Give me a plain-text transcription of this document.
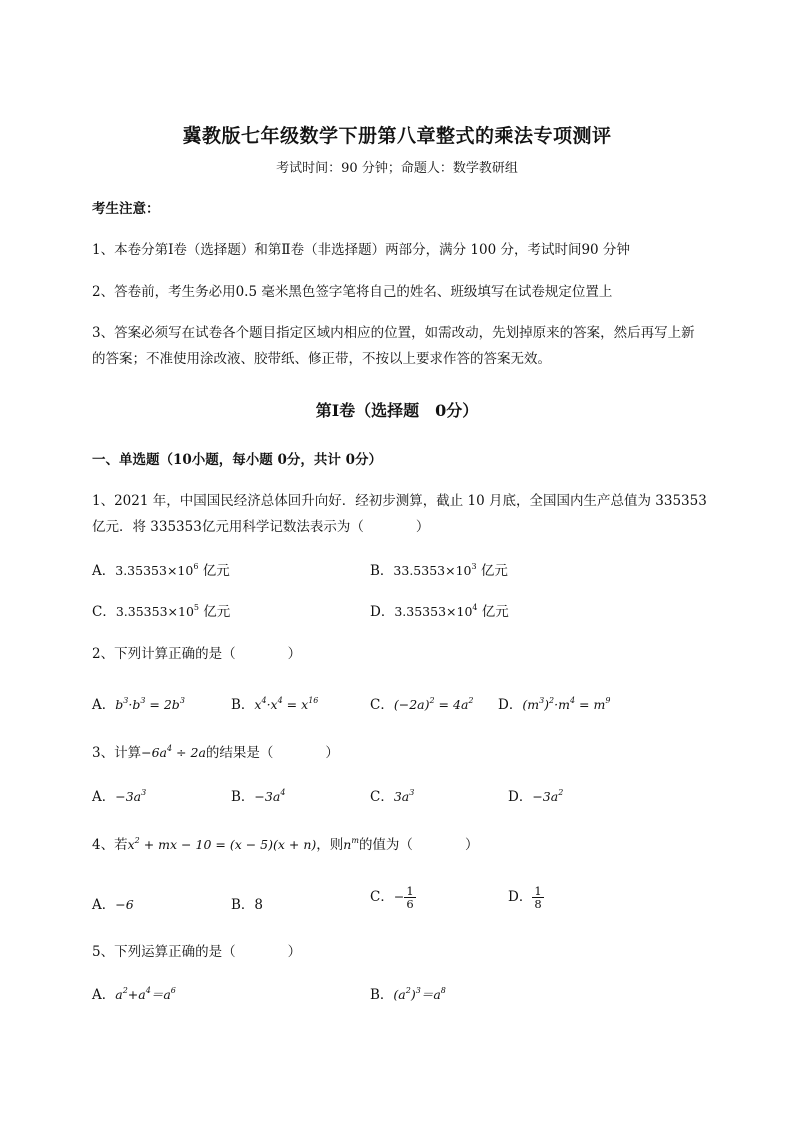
冀教版七年级数学下册第八章整式的乘法专项测评
考试时间：90 分钟；命题人：数学教研组
考生注意：
1、本卷分第Ⅰ卷（选择题）和第Ⅱ卷（非选择题）两部分，满分 100 分，考试时间90 分钟
2、答卷前，考生务必用0.5 毫米黑色签字笔将自己的姓名、班级填写在试卷规定位置上
3、答案必须写在试卷各个题目指定区域内相应的位置，如需改动，先划掉原来的答案，然后再写上新
的答案；不准使用涂改液、胶带纸、修正带，不按以上要求作答的答案无效。
第Ⅰ卷（选择题　0分）
一、单选题（10小题，每小题 0分，共计 0分）
1、2021 年，中国国民经济总体回升向好．经初步测算，截止 10 月底，全国国内生产总值为 335353
亿元．将 335353亿元用科学记数法表示为（	）
A．$3.35353\times 10^6$ 亿元	B．$33.5353\times 10^3$ 亿元
C．$3.35353\times 10^5$ 亿元	D．$3.35353\times 10^4$ 亿元
2、下列计算正确的是（	）
A．$b^3\cdot b^3 = 2b^3$	B．$x^4\cdot x^4 = x^{16}$	C．$(-2a)^2 = 4a^2$ D．$(m^3)^2\cdot m^4 = m^9$
3、计算$-6a^4 \div 2a$的结果是（	）
A．$-3a^3$	B．$-3a^4$	C．$3a^3$	D．$-3a^2$
4、若$x^2$ + mx − 10 = (x − 5)(x + n)，则$n^m$的值为（	）
A．−6	B．8	C．− $\frac{1}{6}$	D． $\frac{1}{8}$
5、下列运算正确的是（	）
A．$a^2+a^4=a^6$	B．$(a^2)^3=a^8$
